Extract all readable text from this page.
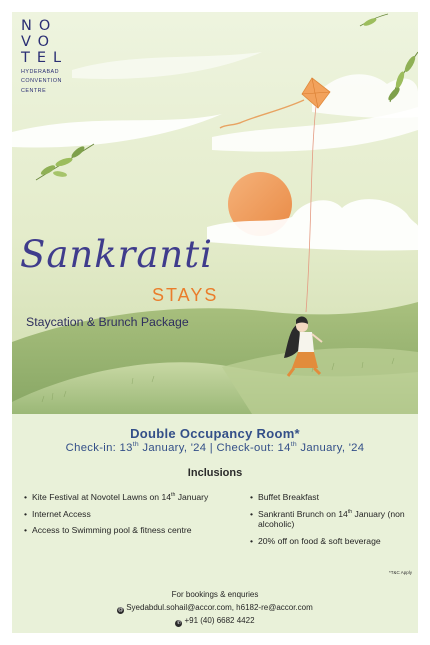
NO
VO
TEL
HYDERABAD
CONVENTION
CENTRE
Sankranti
STAYS
Staycation & Brunch Package
Double Occupancy Room*
Check-in: 13th January, '24 | Check-out: 14th January, '24
Inclusions
• Kite Festival at Novotel Lawns on 14th January
• Internet Access
• Access to Swimming pool & fitness centre
• Buffet Breakfast
• Sankranti Brunch on 14th January (non alcoholic)
• 20% off on food & soft beverage
*T&C Apply
For bookings & enquries
@ Syedabdul.sohail@accor.com, h6182-re@accor.com
✆ +91 (40) 6682 4422
